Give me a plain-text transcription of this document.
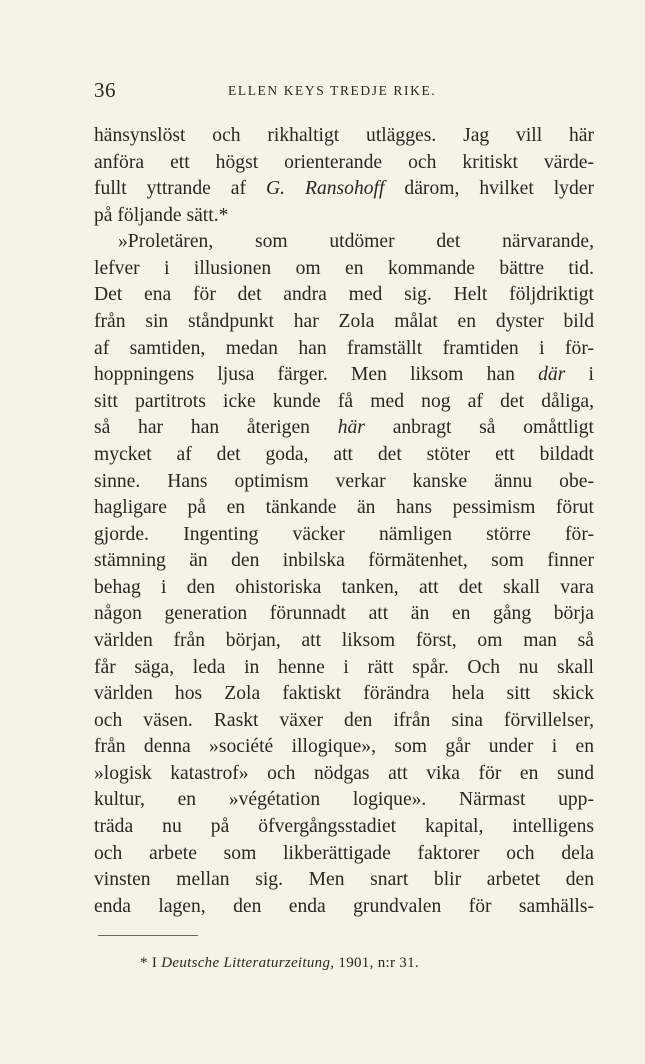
36	ELLEN KEYS TREDJE RIKE.
hänsynslöst och rikhaltigt utlägges. Jag vill här
anföra ett högst orienterande och kritiskt värde-
fullt yttrande af G. Ransohoff därom, hvilket lyder
på följande sätt.*
»Proletären, som utdömer det närvarande,
lefver i illusionen om en kommande bättre tid.
Det ena för det andra med sig. Helt följdriktigt
från sin ståndpunkt har Zola målat en dyster bild
af samtiden, medan han framställt framtiden i för-
hoppningens ljusa färger. Men liksom han där i
sitt partitrots icke kunde få med nog af det dåliga,
så har han återigen här anbragt så omåttligt
mycket af det goda, att det stöter ett bildadt
sinne. Hans optimism verkar kanske ännu obe-
hagligare på en tänkande än hans pessimism förut
gjorde. Ingenting väcker nämligen större för-
stämning än den inbilska förmätenhet, som finner
behag i den ohistoriska tanken, att det skall vara
någon generation förunnadt att än en gång börja
världen från början, att liksom först, om man så
får säga, leda in henne i rätt spår. Och nu skall
världen hos Zola faktiskt förändra hela sitt skick
och väsen. Raskt växer den ifrån sina förvillelser,
från denna »société illogique», som går under i en
»logisk katastrof» och nödgas att vika för en sund
kultur, en »végétation logique». Närmast upp-
träda nu på öfvergångsstadiet kapital, intelligens
och arbete som likberättigade faktorer och dela
vinsten mellan sig. Men snart blir arbetet den
enda lagen, den enda grundvalen för samhälls-
* I Deutsche Litteraturzeitung, 1901, n:r 31.
